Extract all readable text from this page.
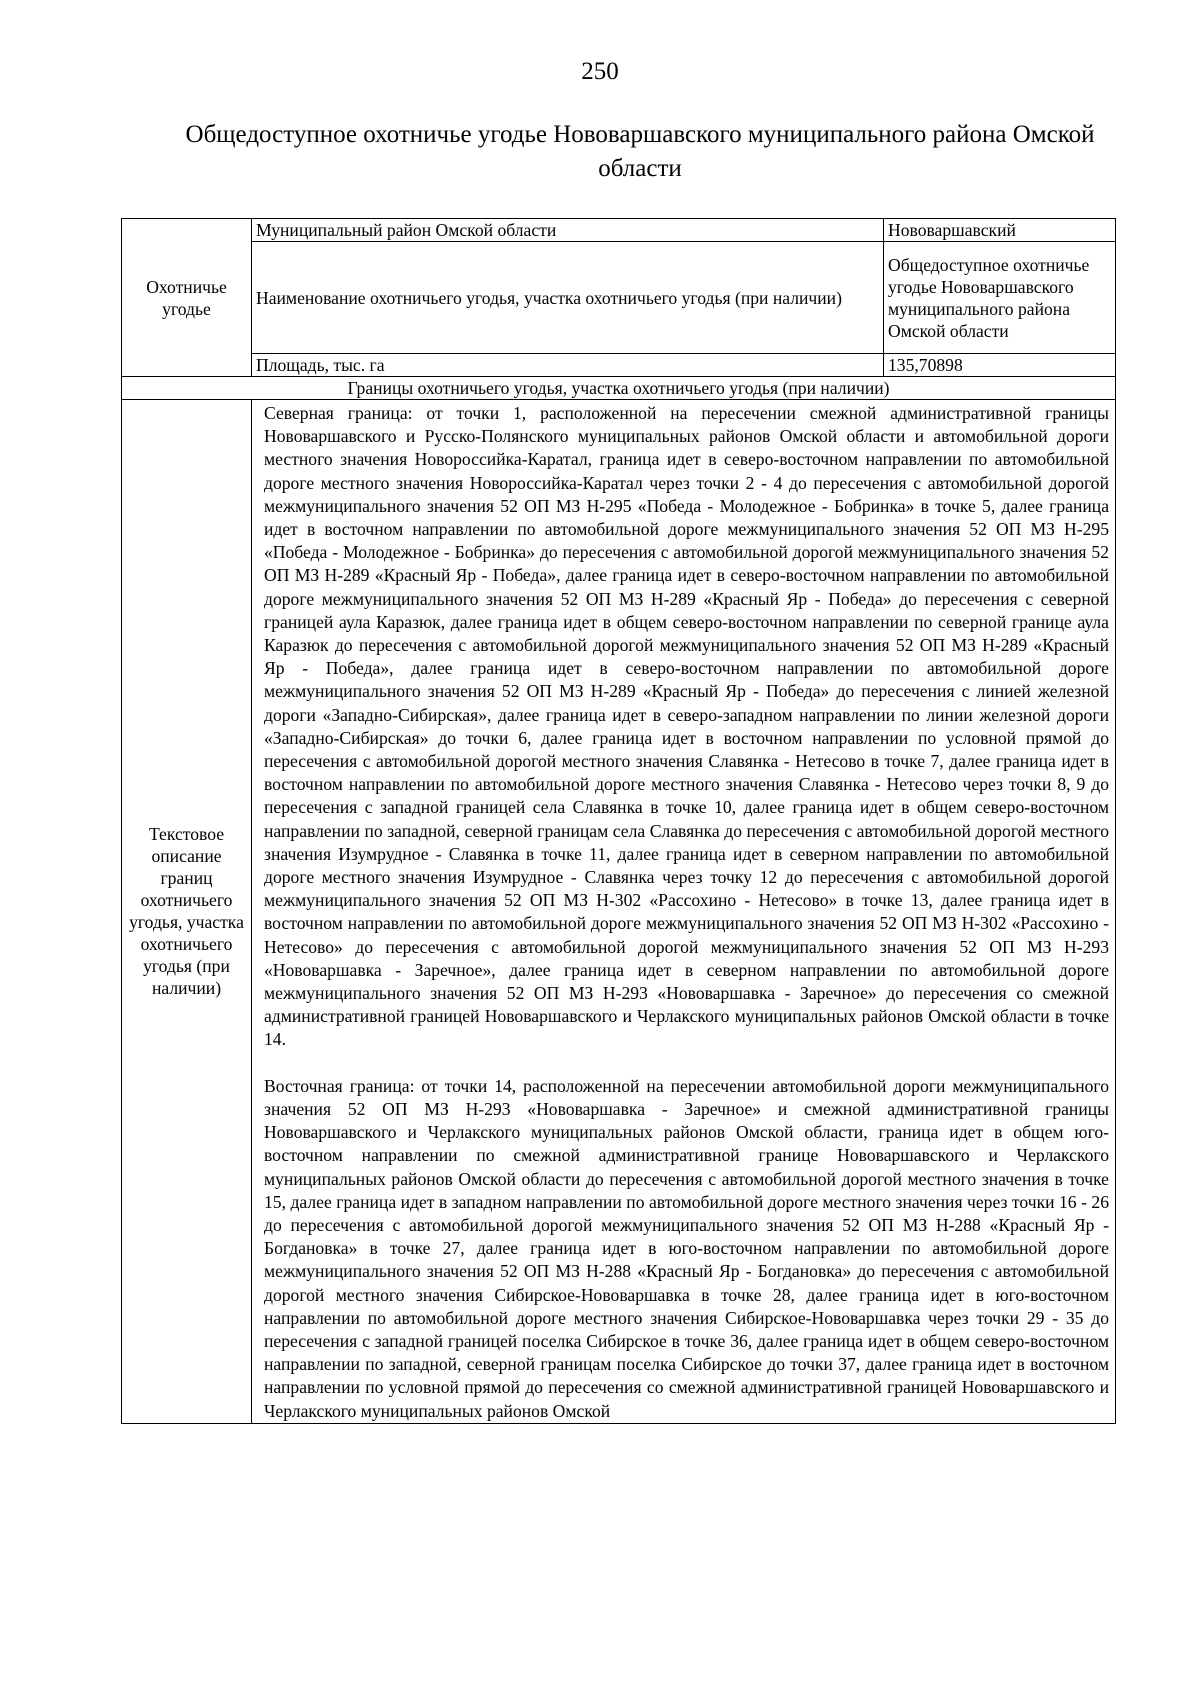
250
Общедоступное охотничье угодье Нововаршавского муниципального района Омской области
Охотничье угодье	Муниципальный район Омской области	Нововаршавский
	Наименование охотничьего угодья, участка охотничьего угодья (при наличии)	Общедоступное охотничье угодье Нововаршавского муниципального района Омской области
	Площадь, тыс. га	135,70898
Границы охотничьего угодья, участка охотничьего угодья (при наличии)		
Текстовое описание границ охотничьего угодья, участка охотничьего угодья (при наличии)	Северная граница: от точки 1, расположенной на пересечении смежной административной границы Нововаршавского и Русско-Полянского муниципальных районов Омской области и автомобильной дороги местного значения Новороссийка-Каратал, граница идет в северо-восточном направлении по автомобильной дороге местного значения Новороссийка-Каратал через точки 2 - 4 до пересечения с автомобильной дорогой межмуниципального значения 52 ОП МЗ Н-295 «Победа - Молодежное - Бобринка» в точке 5, далее граница идет в восточном направлении по автомобильной дороге межмуниципального значения 52 ОП МЗ Н-295 «Победа - Молодежное - Бобринка» до пересечения с автомобильной дорогой межмуниципального значения 52 ОП МЗ Н-289 «Красный Яр - Победа», далее граница идет в северо-восточном направлении по автомобильной дороге межмуниципального значения 52 ОП МЗ Н-289 «Красный Яр - Победа» до пересечения с северной границей аула Каразюк, далее граница идет в общем северо-восточном направлении по северной границе аула Каразюк до пересечения с автомобильной дорогой межмуниципального значения 52 ОП МЗ Н-289 «Красный Яр - Победа», далее граница идет в северо-восточном направлении по автомобильной дороге межмуниципального значения 52 ОП МЗ Н-289 «Красный Яр - Победа» до пересечения с линией железной дороги «Западно-Сибирская», далее граница идет в северо-западном направлении по линии железной дороги «Западно-Сибирская» до точки 6, далее граница идет в восточном направлении по условной прямой до пересечения с автомобильной дорогой местного значения Славянка - Нетесово в точке 7, далее граница идет в восточном направлении по автомобильной дороге местного значения Славянка - Нетесово через точки 8, 9 до пересечения с западной границей села Славянка в точке 10, далее граница идет в общем северо-восточном направлении по западной, северной границам села Славянка до пересечения с автомобильной дорогой местного значения Изумрудное - Славянка в точке 11, далее граница идет в северном направлении по автомобильной дороге местного значения Изумрудное - Славянка через точку 12 до пересечения с автомобильной дорогой межмуниципального значения 52 ОП МЗ Н-302 «Рассохино - Нетесово» в точке 13, далее граница идет в восточном направлении по автомобильной дороге межмуниципального значения 52 ОП МЗ Н-302 «Рассохино - Нетесово» до пересечения с автомобильной дорогой межмуниципального значения 52 ОП МЗ Н-293 «Нововаршавка - Заречное», далее граница идет в северном направлении по автомобильной дороге межмуниципального значения 52 ОП МЗ Н-293 «Нововаршавка - Заречное» до пересечения со смежной административной границей Нововаршавского и Черлакского муниципальных районов Омской области в точке 14.

Восточная граница: от точки 14, расположенной на пересечении автомобильной дороги межмуниципального значения 52 ОП МЗ Н-293 «Нововаршавка - Заречное» и смежной административной границы Нововаршавского и Черлакского муниципальных районов Омской области, граница идет в общем юго-восточном направлении по смежной административной границе Нововаршавского и Черлакского муниципальных районов Омской области до пересечения с автомобильной дорогой местного значения в точке 15, далее граница идет в западном направлении по автомобильной дороге местного значения через точки 16 - 26 до пересечения с автомобильной дорогой межмуниципального значения 52 ОП МЗ Н-288 «Красный Яр - Богдановка» в точке 27, далее граница идет в юго-восточном направлении по автомобильной дороге межмуниципального значения 52 ОП МЗ Н-288 «Красный Яр - Богдановка» до пересечения с автомобильной дорогой местного значения Сибирское-Нововаршавка в точке 28, далее граница идет в юго-восточном направлении по автомобильной дороге местного значения Сибирское-Нововаршавка через точки 29 - 35 до пересечения с западной границей поселка Сибирское в точке 36, далее граница идет в общем северо-восточном направлении по западной, северной границам поселка Сибирское до точки 37, далее граница идет в восточном направлении по условной прямой до пересечения со смежной административной границей Нововаршавского и Черлакского муниципальных районов Омской	
